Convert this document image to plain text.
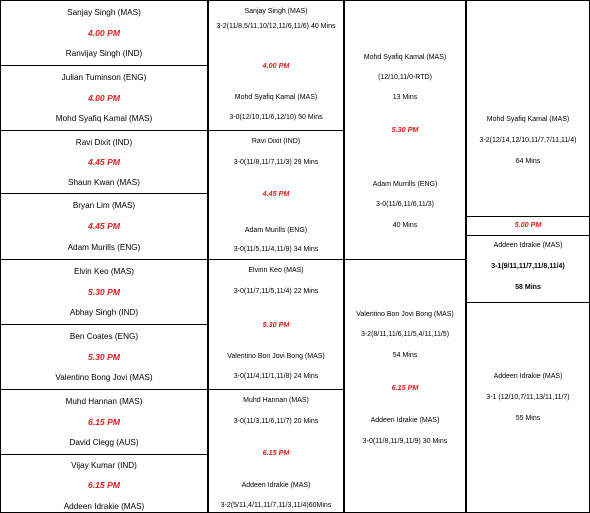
Sanjay Singh (MAS)
4.00 PM
Ranvijay Singh (IND)
Julian Tuminson (ENG)
4.00 PM
Mohd Syafiq Kamal (MAS)
Ravi Dixit (IND)
4.45 PM
Shaun Kwan (MAS)
Bryan Lim (MAS)
4.45 PM
Adam Murills (ENG)
Elvin Keo (MAS)
5.30 PM
Abhay Singh (IND)
Ben Coates (ENG)
5.30 PM
Valentino Bong Jovi (MAS)
Muhd Hannan (MAS)
6.15 PM
David Clegg (AUS)
Vijay Kumar (IND)
6.15 PM
Addeen Idrakie (MAS)
Sanjay Singh (MAS)
3-2(11/8,5/11,10/12,11/6,11/6) 40 Mins
4.00 PM
Mohd Syafiq Kamal (MAS)
3-0(12/10,11/6,12/10) 50 Mins
Ravi Dixit (IND)
3-0(11/8,11/7,11/3) 29 Mins
4.45 PM
Adam Murills (ENG)
3-0(11/5,11/4,11/9) 34 Mins
Elvinn Keo (MAS)
3-0(11/7,11/5,11/4) 22 Mins
5.30 PM
Valentino Bon Jovi Bong (MAS)
3-0(11/4,11/1,11/8) 24 Mins
Muhd Hannan (MAS)
3-0(11/3,11/6,11/7) 20 Mins
6.15 PM
Addeen Idrakie (MAS)
3-2(5/11,4/11,11/7,11/3,11/4)60Mins
Mohd Syafiq Kamal (MAS)
(12/10,11/0-RTD)
13 Mins
5.30 PM
Adam Murrills (ENG)
3-0(11/6,11/6,11/3)
40 Mins
Valentino Bon Jovi Bong (MAS)
3-2(8/11,11/6,11/5,4/11,11/5)
54 Mins
6.15 PM
Addeen Idrakie (MAS)
3-0(11/8,11/9,11/9) 30 Mins
Mohd Syafiq Kamal (MAS)
3-2(12/14,12/10,11/7,7/11,11/4)
64 Mins
5.00 PM
Addeen Idrakie (MAS)
3-1(9/11,11/7,11/8,11/4)
58 Mins
Addeen Idrakie (MAS)
3-1 (12/10,7/11,13/11,11/7)
55 Mins
